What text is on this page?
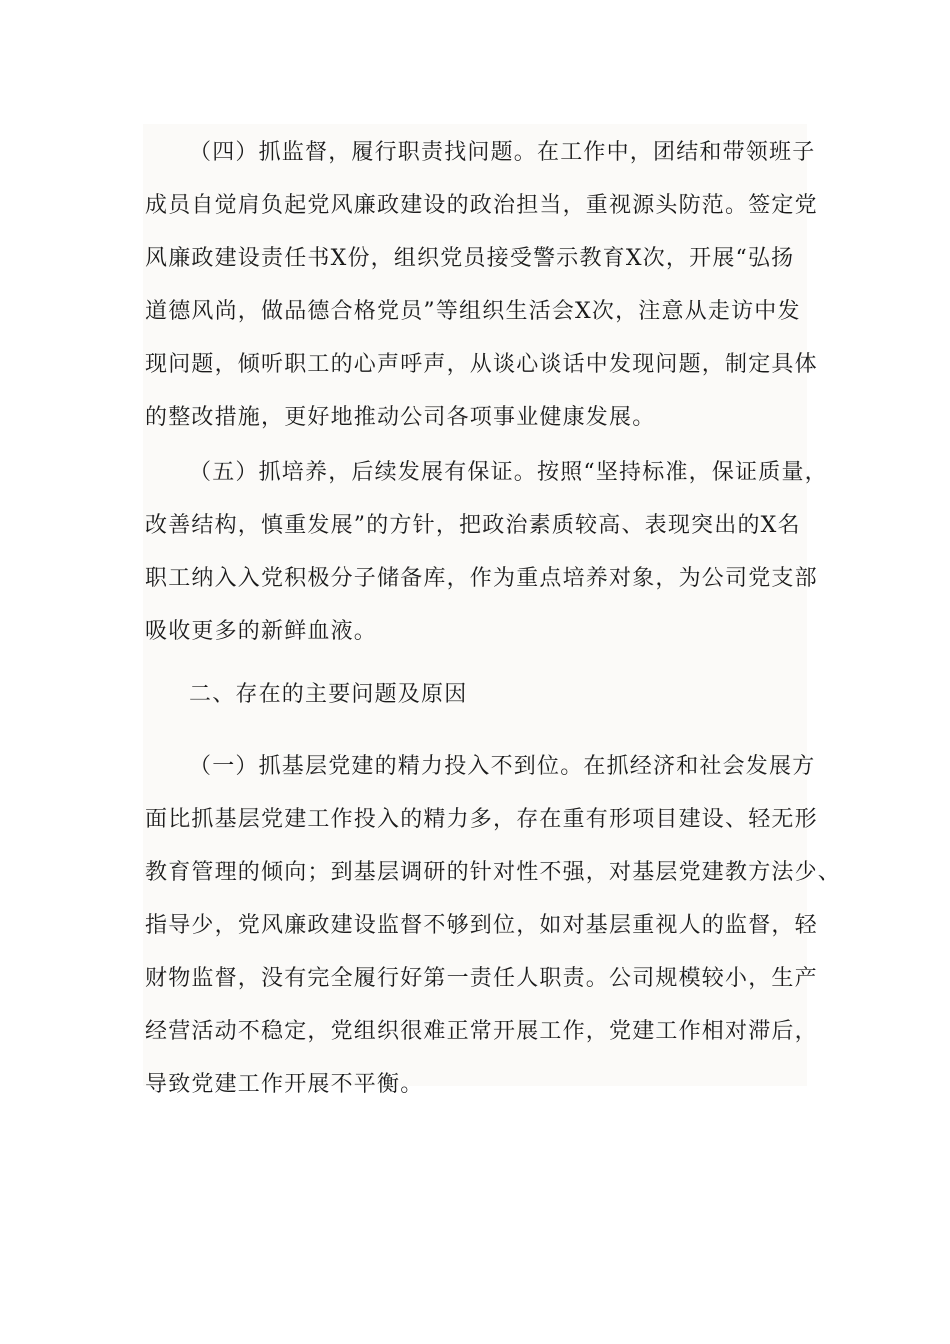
（四）抓监督，履行职责找问题。在工作中，团结和带领班子
成员自觉肩负起党风廉政建设的政治担当，重视源头防范。签定党
风廉政建设责任书X份，组织党员接受警示教育X次，开展“弘扬
道德风尚，做品德合格党员”等组织生活会X次，注意从走访中发
现问题，倾听职工的心声呼声，从谈心谈话中发现问题，制定具体
的整改措施，更好地推动公司各项事业健康发展。
（五）抓培养，后续发展有保证。按照“坚持标准，保证质量，
改善结构，慎重发展”的方针，把政治素质较高、表现突出的X名
职工纳入入党积极分子储备库，作为重点培养对象，为公司党支部
吸收更多的新鲜血液。
二、存在的主要问题及原因
（一）抓基层党建的精力投入不到位。在抓经济和社会发展方
面比抓基层党建工作投入的精力多，存在重有形项目建设、轻无形
教育管理的倾向；到基层调研的针对性不强，对基层党建教方法少、
指导少，党风廉政建设监督不够到位，如对基层重视人的监督，轻
财物监督，没有完全履行好第一责任人职责。公司规模较小，生产
经营活动不稳定，党组织很难正常开展工作，党建工作相对滞后，
导致党建工作开展不平衡。
